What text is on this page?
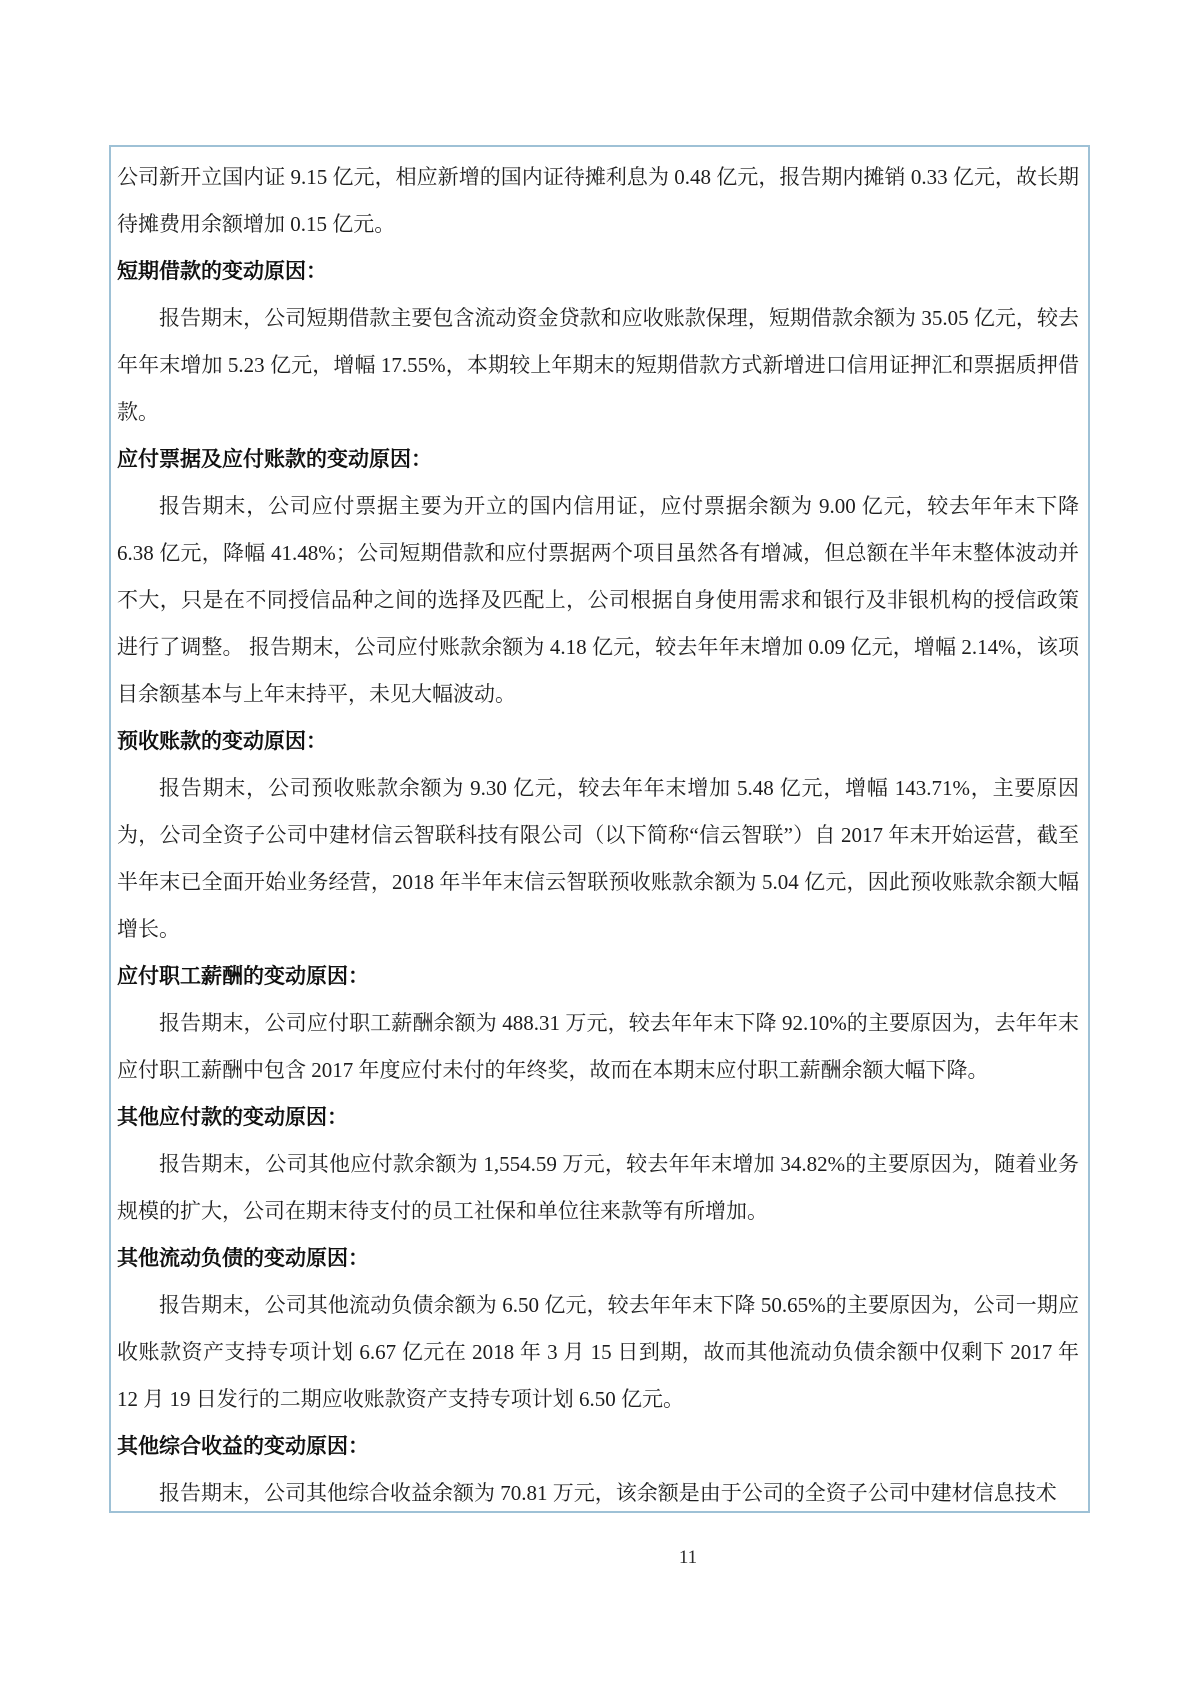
公司新开立国内证 9.15 亿元，相应新增的国内证待摊利息为 0.48 亿元，报告期内摊销 0.33 亿元，故长期待摊费用余额增加 0.15 亿元。

短期借款的变动原因：

报告期末，公司短期借款主要包含流动资金贷款和应收账款保理，短期借款余额为 35.05 亿元，较去年年末增加 5.23 亿元，增幅 17.55%，本期较上年期末的短期借款方式新增进口信用证押汇和票据质押借款。

应付票据及应付账款的变动原因：

报告期末，公司应付票据主要为开立的国内信用证，应付票据余额为 9.00 亿元，较去年年末下降 6.38 亿元，降幅 41.48%；公司短期借款和应付票据两个项目虽然各有增减，但总额在半年末整体波动并不大，只是在不同授信品种之间的选择及匹配上，公司根据自身使用需求和银行及非银机构的授信政策进行了调整。 报告期末，公司应付账款余额为 4.18 亿元，较去年年末增加 0.09 亿元，增幅 2.14%，该项目余额基本与上年末持平，未见大幅波动。

预收账款的变动原因：

报告期末，公司预收账款余额为 9.30 亿元，较去年年末增加 5.48 亿元，增幅 143.71%，主要原因为，公司全资子公司中建材信云智联科技有限公司（以下简称“信云智联”）自 2017 年末开始运营，截至半年末已全面开始业务经营，2018 年半年末信云智联预收账款余额为 5.04 亿元，因此预收账款余额大幅增长。

应付职工薪酬的变动原因：

报告期末，公司应付职工薪酬余额为 488.31 万元，较去年年末下降 92.10%的主要原因为，去年年末应付职工薪酬中包含 2017 年度应付未付的年终奖，故而在本期末应付职工薪酬余额大幅下降。

其他应付款的变动原因：

报告期末，公司其他应付款余额为 1,554.59 万元，较去年年末增加 34.82%的主要原因为，随着业务规模的扩大，公司在期末待支付的员工社保和单位往来款等有所增加。

其他流动负债的变动原因：

报告期末，公司其他流动负债余额为 6.50 亿元，较去年年末下降 50.65%的主要原因为，公司一期应收账款资产支持专项计划 6.67 亿元在 2018 年 3 月 15 日到期，故而其他流动负债余额中仅剩下 2017 年 12 月 19 日发行的二期应收账款资产支持专项计划 6.50 亿元。

其他综合收益的变动原因：

报告期末，公司其他综合收益余额为 70.81 万元，该余额是由于公司的全资子公司中建材信息技术

11
